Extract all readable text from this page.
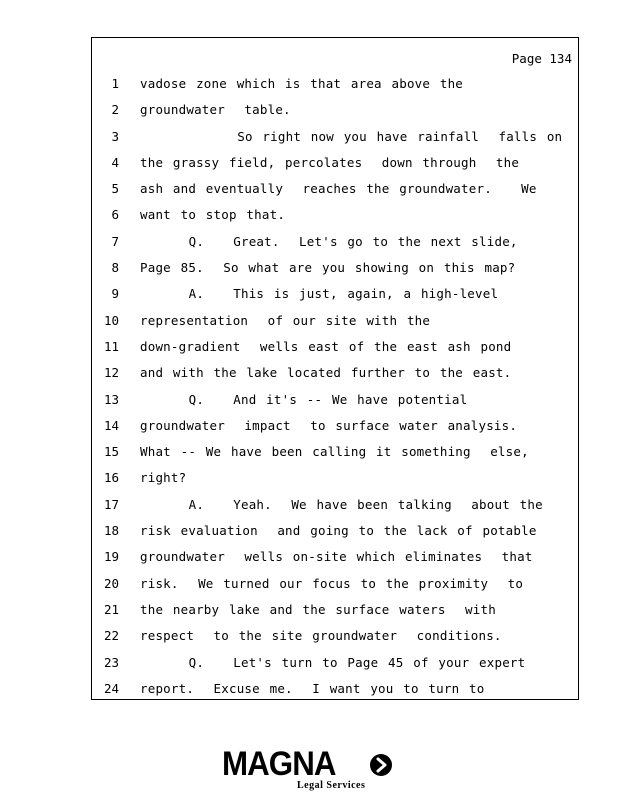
Page 134
1 vadose zone which is that area above the
2 groundwater  table.
3 So right now you have rainfall  falls on
4 the grassy field, percolates  down through  the
5 ash and eventually  reaches the groundwater.   We
6 want to stop that.
7 Q.   Great.  Let's go to the next slide,
8 Page 85.  So what are you showing on this map?
9 A.   This is just, again, a high-level
10 representation  of our site with the
11 down-gradient  wells east of the east ash pond
12 and with the lake located further to the east.
13 Q.   And it's -- We have potential
14 groundwater  impact  to surface water analysis.
15 What -- We have been calling it something  else,
16 right?
17 A.   Yeah.  We have been talking  about the
18 risk evaluation  and going to the lack of potable
19 groundwater  wells on-site which eliminates  that
20 risk.  We turned our focus to the proximity  to
21 the nearby lake and the surface waters  with
22 respect  to the site groundwater  conditions.
23 Q.   Let's turn to Page 45 of your expert
24 report.  Excuse me.  I want you to turn to
MAGNA
Legal Services
